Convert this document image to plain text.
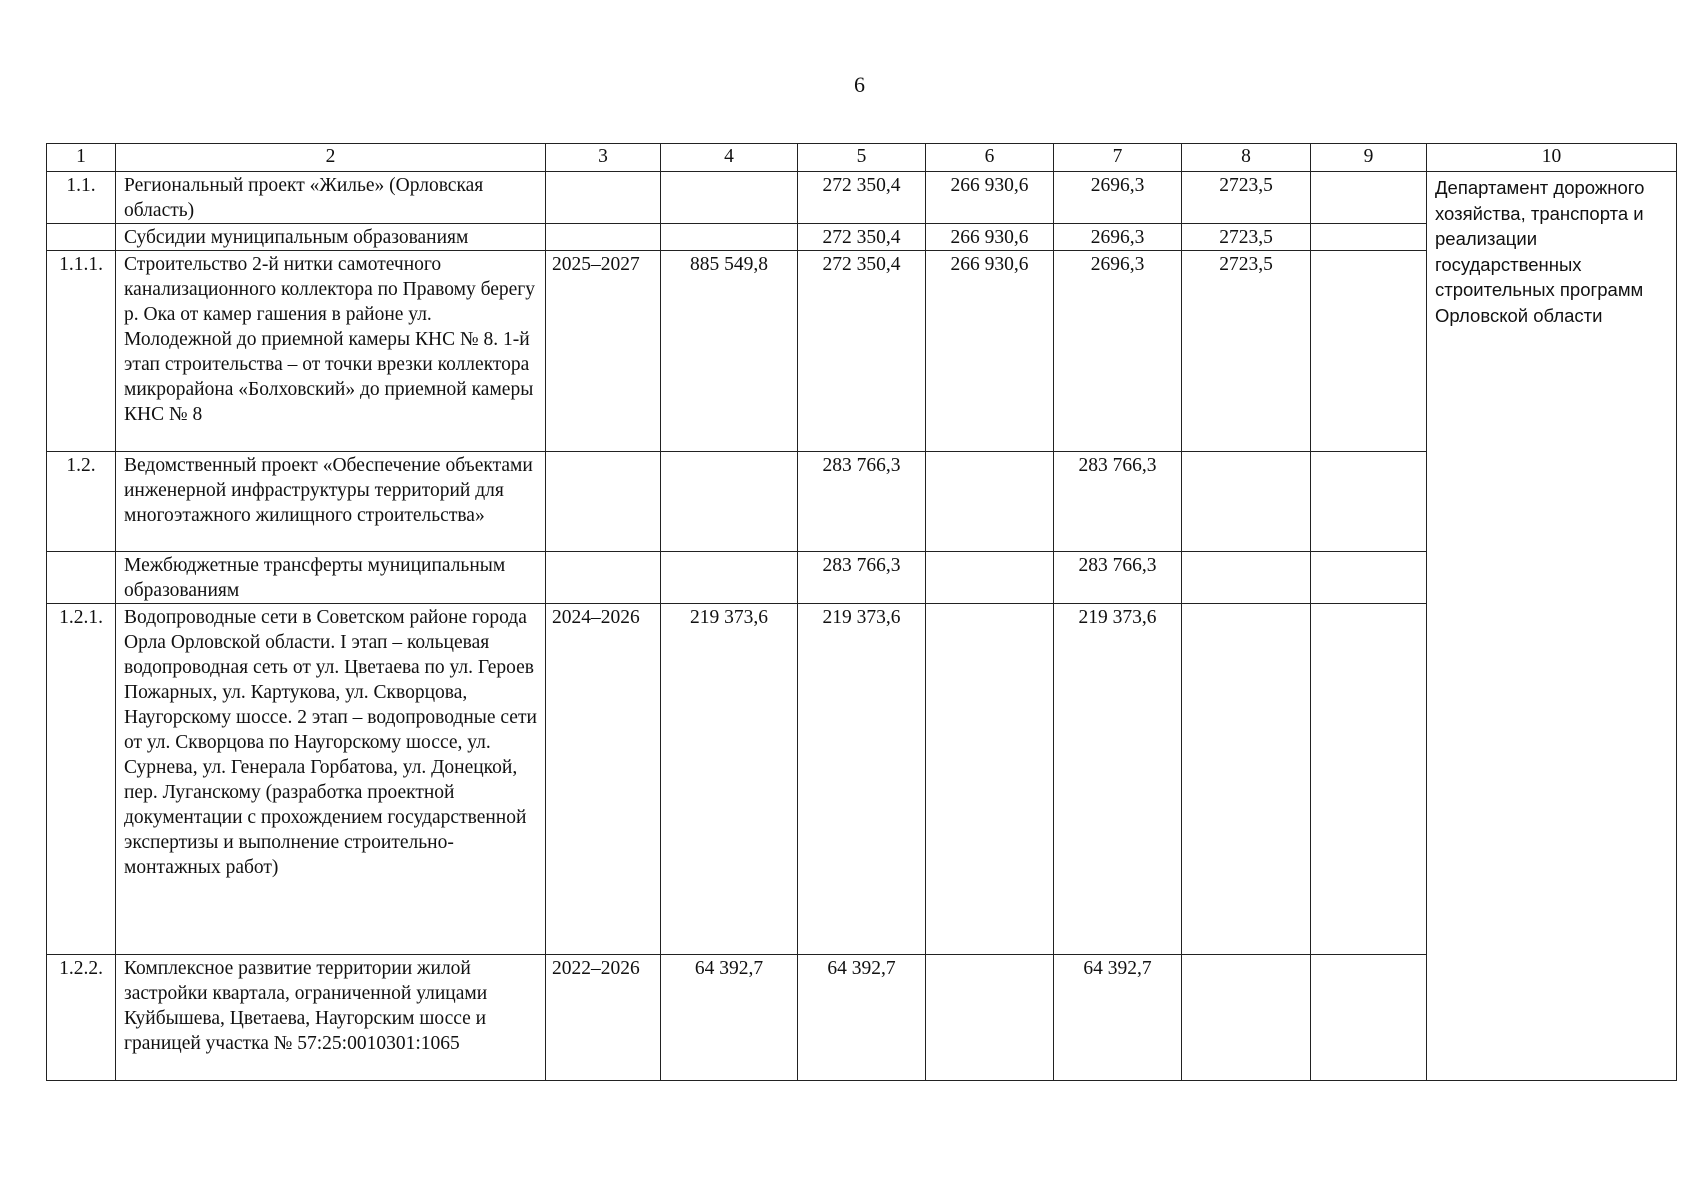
6
1	2	3	4	5	6	7	8	9	10
1.1.	Региональный проект «Жилье» (Орловская область)			272 350,4	266 930,6	2696,3	2723,5		Департамент дорожного хозяйства, транспорта и реализации государственных строительных программ Орловской области
	Субсидии муниципальным образованиям			272 350,4	266 930,6	2696,3	2723,5		
1.1.1.	Строительство 2-й нитки самотечного канализационного коллектора по Правому берегу р. Ока от камер гашения в районе ул. Молодежной до приемной камеры КНС № 8. 1-й этап строительства – от точки врезки коллектора микрорайона «Болховский» до приемной камеры КНС № 8	2025–2027	885 549,8	272 350,4	266 930,6	2696,3	2723,5		
1.2.	Ведомственный проект «Обеспечение объектами инженерной инфраструктуры территорий для многоэтажного жилищного строительства»			283 766,3		283 766,3			
	Межбюджетные трансферты муниципальным образованиям			283 766,3		283 766,3			
1.2.1.	Водопроводные сети в Советском районе города Орла Орловской области. I этап – кольцевая водопроводная сеть от ул. Цветаева по ул. Героев Пожарных, ул. Картукова, ул. Скворцова, Наугорскому шоссе. 2 этап – водопроводные сети от ул. Скворцова по Наугорскому шоссе, ул. Сурнева, ул. Генерала Горбатова, ул. Донецкой, пер. Луганскому (разработка проектной документации с прохождением государственной экспертизы и выполнение строительно-монтажных работ)	2024–2026	219 373,6	219 373,6		219 373,6			
1.2.2.	Комплексное развитие территории жилой застройки квартала, ограниченной улицами Куйбышева, Цветаева, Наугорским шоссе и границей участка № 57:25:0010301:1065	2022–2026	64 392,7	64 392,7		64 392,7			
